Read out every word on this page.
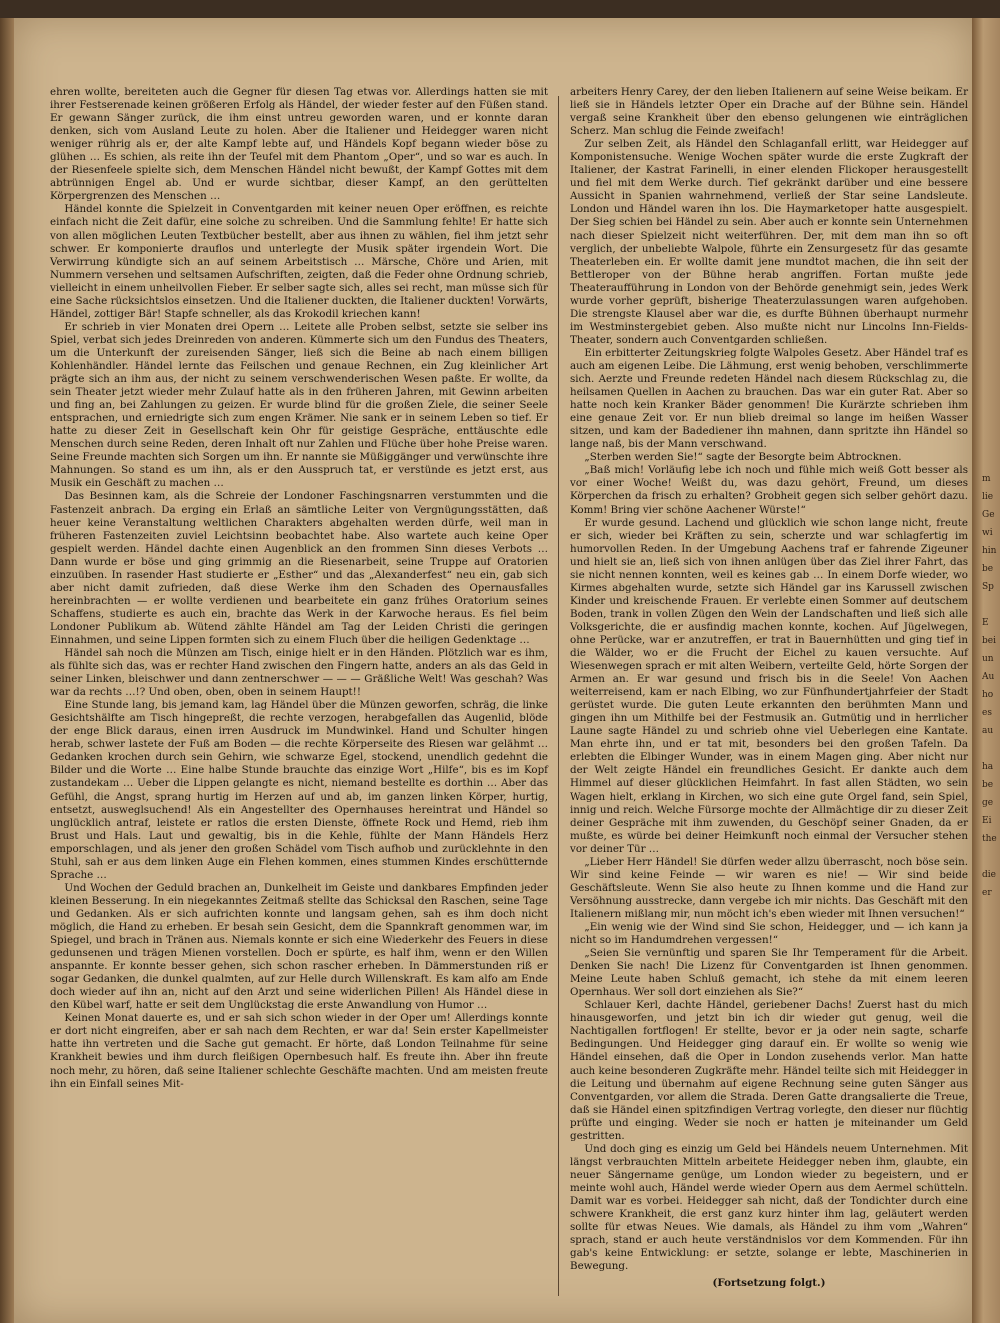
m
lie
Ge
wi
hin
be
Sp

E
bei
un
Au
ho
es
au

ha
be
ge
Ei
the

die
er

ehren wollte, bereiteten auch die Gegner für diesen Tag etwas vor. Allerdings hatten sie mit ihrer Festserenade keinen größeren Erfolg als Händel, der wieder fester auf den Füßen stand. Er gewann Sänger zurück, die ihm einst untreu geworden waren, und er konnte daran denken, sich vom Ausland Leute zu holen. Aber die Italiener und Heidegger waren nicht weniger rührig als er, der alte Kampf lebte auf, und Händels Kopf begann wieder böse zu glühen … Es schien, als reite ihn der Teufel mit dem Phantom „Oper“, und so war es auch. In der Riesenfeele spielte sich, dem Menschen Händel nicht bewußt, der Kampf Gottes mit dem abtrünnigen Engel ab. Und er wurde sichtbar, dieser Kampf, an den gerüttelten Körpergrenzen des Menschen …

Händel konnte die Spielzeit in Conventgarden mit keiner neuen Oper eröffnen, es reichte einfach nicht die Zeit dafür, eine solche zu schreiben. Und die Sammlung fehlte! Er hatte sich von allen möglichen Leuten Textbücher bestellt, aber aus ihnen zu wählen, fiel ihm jetzt sehr schwer. Er komponierte drauflos und unterlegte der Musik später irgendein Wort. Die Verwirrung kündigte sich an auf seinem Arbeitstisch … Märsche, Chöre und Arien, mit Nummern versehen und seltsamen Aufschriften, zeigten, daß die Feder ohne Ordnung schrieb, vielleicht in einem unheilvollen Fieber. Er selber sagte sich, alles sei recht, man müsse sich für eine Sache rücksichtslos einsetzen. Und die Italiener duckten, die Italiener duckten! Vorwärts, Händel, zottiger Bär! Stapfe schneller, als das Krokodil kriechen kann!

Er schrieb in vier Monaten drei Opern … Leitete alle Proben selbst, setzte sie selber ins Spiel, verbat sich jedes Dreinreden von anderen. Kümmerte sich um den Fundus des Theaters, um die Unterkunft der zureisenden Sänger, ließ sich die Beine ab nach einem billigen Kohlenhändler. Händel lernte das Feilschen und genaue Rechnen, ein Zug kleinlicher Art prägte sich an ihm aus, der nicht zu seinem verschwenderischen Wesen paßte. Er wollte, da sein Theater jetzt wieder mehr Zulauf hatte als in den früheren Jahren, mit Gewinn arbeiten und fing an, bei Zahlungen zu geizen. Er wurde blind für die großen Ziele, die seiner Seele entsprachen, und erniedrigte sich zum engen Krämer. Nie sank er in seinem Leben so tief. Er hatte zu dieser Zeit in Gesellschaft kein Ohr für geistige Gespräche, enttäuschte edle Menschen durch seine Reden, deren Inhalt oft nur Zahlen und Flüche über hohe Preise waren. Seine Freunde machten sich Sorgen um ihn. Er nannte sie Müßiggänger und verwünschte ihre Mahnungen. So stand es um ihn, als er den Ausspruch tat, er verstünde es jetzt erst, aus Musik ein Geschäft zu machen …

Das Besinnen kam, als die Schreie der Londoner Faschingsnarren verstummten und die Fastenzeit anbrach. Da erging ein Erlaß an sämtliche Leiter von Vergnügungsstätten, daß heuer keine Veranstaltung weltlichen Charakters abgehalten werden dürfe, weil man in früheren Fastenzeiten zuviel Leichtsinn beobachtet habe. Also wartete auch keine Oper gespielt werden. Händel dachte einen Augenblick an den frommen Sinn dieses Verbots … Dann wurde er böse und ging grimmig an die Riesenarbeit, seine Truppe auf Oratorien einzuüben. In rasender Hast studierte er „Esther“ und das „Alexanderfest“ neu ein, gab sich aber nicht damit zufrieden, daß diese Werke ihm den Schaden des Opernausfalles hereinbrachten — er wollte verdienen und bearbeitete ein ganz frühes Oratorium seines Schaffens, studierte es auch ein, brachte das Werk in der Karwoche heraus. Es fiel beim Londoner Publikum ab. Wütend zählte Händel am Tag der Leiden Christi die geringen Einnahmen, und seine Lippen formten sich zu einem Fluch über die heiligen Gedenktage …

Händel sah noch die Münzen am Tisch, einige hielt er in den Händen. Plötzlich war es ihm, als fühlte sich das, was er rechter Hand zwischen den Fingern hatte, anders an als das Geld in seiner Linken, bleischwer und dann zentnerschwer — — — Gräßliche Welt! Was geschah? Was war da rechts …!? Und oben, oben, oben in seinem Haupt!!

Eine Stunde lang, bis jemand kam, lag Händel über die Münzen geworfen, schräg, die linke Gesichtshälfte am Tisch hingepreßt, die rechte verzogen, herabgefallen das Augenlid, blöde der enge Blick daraus, einen irren Ausdruck im Mundwinkel. Hand und Schulter hingen herab, schwer lastete der Fuß am Boden — die rechte Körperseite des Riesen war gelähmt … Gedanken krochen durch sein Gehirn, wie schwarze Egel, stockend, unendlich gedehnt die Bilder und die Worte … Eine halbe Stunde brauchte das einzige Wort „Hilfe“, bis es im Kopf zustandekam … Ueber die Lippen gelangte es nicht, niemand bestellte es dorthin … Aber das Gefühl, die Angst, sprang hurtig im Herzen auf und ab, im ganzen linken Körper, hurtig, entsetzt, ausweglsuchend! Als ein Angestellter des Opernhauses hereintrat und Händel so unglücklich antraf, leistete er ratlos die ersten Dienste, öffnete Rock und Hemd, rieb ihm Brust und Hals. Laut und gewaltig, bis in die Kehle, fühlte der Mann Händels Herz emporschlagen, und als jener den großen Schädel vom Tisch aufhob und zurücklehnte in den Stuhl, sah er aus dem linken Auge ein Flehen kommen, eines stummen Kindes erschütternde Sprache …

Und Wochen der Geduld brachen an, Dunkelheit im Geiste und dankbares Empfinden jeder kleinen Besserung. In ein niegekanntes Zeitmaß stellte das Schicksal den Raschen, seine Tage und Gedanken. Als er sich aufrichten konnte und langsam gehen, sah es ihm doch nicht möglich, die Hand zu erheben. Er besah sein Gesicht, dem die Spannkraft genommen war, im Spiegel, und brach in Tränen aus. Niemals konnte er sich eine Wiederkehr des Feuers in diese gedunsenen und trägen Mienen vorstellen. Doch er spürte, es half ihm, wenn er den Willen anspannte. Er konnte besser gehen, sich schon rascher erheben. In Dämmerstunden riß er sogar Gedanken, die dunkel qualmten, auf zur Helle durch Willenskraft. Es kam alfo am Ende doch wieder auf ihn an, nicht auf den Arzt und seine widerlichen Pillen! Als Händel diese in den Kübel warf, hatte er seit dem Unglückstag die erste Anwandlung von Humor …

Keinen Monat dauerte es, und er sah sich schon wieder in der Oper um! Allerdings konnte er dort nicht eingreifen, aber er sah nach dem Rechten, er war da! Sein erster Kapellmeister hatte ihn vertreten und die Sache gut gemacht. Er hörte, daß London Teilnahme für seine Krankheit bewies und ihm durch fleißigen Opernbesuch half. Es freute ihn. Aber ihn freute noch mehr, zu hören, daß seine Italiener schlechte Geschäfte machten. Und am meisten freute ihn ein Einfall seines Mit-

arbeiters Henry Carey, der den lieben Italienern auf seine Weise beikam. Er ließ sie in Händels letzter Oper ein Drache auf der Bühne sein. Händel vergaß seine Krankheit über den ebenso gelungenen wie einträglichen Scherz. Man schlug die Feinde zweifach!

Zur selben Zeit, als Händel den Schlaganfall erlitt, war Heidegger auf Komponistensuche. Wenige Wochen später wurde die erste Zugkraft der Italiener, der Kastrat Farinelli, in einer elenden Flickoper herausgestellt und fiel mit dem Werke durch. Tief gekränkt darüber und eine bessere Aussicht in Spanien wahrnehmend, verließ der Star seine Landsleute. London und Händel waren ihn los. Die Haymarketoper hatte ausgespielt. Der Sieg schien bei Händel zu sein. Aber auch er konnte sein Unternehmen nach dieser Spielzeit nicht weiterführen. Der, mit dem man ihn so oft verglich, der unbeliebte Walpole, führte ein Zensurgesetz für das gesamte Theaterleben ein. Er wollte damit jene mundtot machen, die ihn seit der Bettleroper von der Bühne herab angriffen. Fortan mußte jede Theateraufführung in London von der Behörde genehmigt sein, jedes Werk wurde vorher geprüft, bisherige Theaterzulassungen waren aufgehoben. Die strengste Klausel aber war die, es durfte Bühnen überhaupt nurmehr im Westminstergebiet geben. Also mußte nicht nur Lincolns Inn-Fields-Theater, sondern auch Conventgarden schließen.

Ein erbitterter Zeitungskrieg folgte Walpoles Gesetz. Aber Händel traf es auch am eigenen Leibe. Die Lähmung, erst wenig behoben, verschlimmerte sich. Aerzte und Freunde redeten Händel nach diesem Rückschlag zu, die heilsamen Quellen in Aachen zu brauchen. Das war ein guter Rat. Aber so hatte noch kein Kranker Bäder genommen! Die Kurärzte schrieben ihm eine genaue Zeit vor. Er nun blieb dreimal so lange im heißen Wasser sitzen, und kam der Badediener ihn mahnen, dann spritzte ihn Händel so lange naß, bis der Mann verschwand.

„Sterben werden Sie!“ sagte der Besorgte beim Abtrocknen.

„Baß mich! Vorläufig lebe ich noch und fühle mich weiß Gott besser als vor einer Woche! Weißt du, was dazu gehört, Freund, um dieses Körperchen da frisch zu erhalten? Grobheit gegen sich selber gehört dazu. Komm! Bring vier schöne Aachener Würste!“

Er wurde gesund. Lachend und glücklich wie schon lange nicht, freute er sich, wieder bei Kräften zu sein, scherzte und war schlagfertig im humorvollen Reden. In der Umgebung Aachens traf er fahrende Zigeuner und hielt sie an, ließ sich von ihnen anlügen über das Ziel ihrer Fahrt, das sie nicht nennen konnten, weil es keines gab … In einem Dorfe wieder, wo Kirmes abgehalten wurde, setzte sich Händel gar ins Karussell zwischen Kinder und kreischende Frauen. Er verlebte einen Sommer auf deutschem Boden, trank in vollen Zügen den Wein der Landschaften und ließ sich alle Volksgerichte, die er ausfindig machen konnte, kochen. Auf Jügelwegen, ohne Perücke, war er anzutreffen, er trat in Bauernhütten und ging tief in die Wälder, wo er die Frucht der Eichel zu kauen versuchte. Auf Wiesenwegen sprach er mit alten Weibern, verteilte Geld, hörte Sorgen der Armen an. Er war gesund und frisch bis in die Seele! Von Aachen weiterreisend, kam er nach Elbing, wo zur Fünfhundertjahrfeier der Stadt gerüstet wurde. Die guten Leute erkannten den berühmten Mann und gingen ihn um Mithilfe bei der Festmusik an. Gutmütig und in herrlicher Laune sagte Händel zu und schrieb ohne viel Ueberlegen eine Kantate. Man ehrte ihn, und er tat mit, besonders bei den großen Tafeln. Da erlebten die Elbinger Wunder, was in einem Magen ging. Aber nicht nur der Welt zeigte Händel ein freundliches Gesicht. Er dankte auch dem Himmel auf dieser glücklichen Heimfahrt. In fast allen Städten, wo sein Wagen hielt, erklang in Kirchen, wo sich eine gute Orgel fand, sein Spiel, innig und reich. Welche Fürsorge mochte der Allmächtige dir zu dieser Zeit deiner Gespräche mit ihm zuwenden, du Geschöpf seiner Gnaden, da er mußte, es würde bei deiner Heimkunft noch einmal der Versucher stehen vor deiner Tür …

„Lieber Herr Händel! Sie dürfen weder allzu überrascht, noch böse sein. Wir sind keine Feinde — wir waren es nie! — Wir sind beide Geschäftsleute. Wenn Sie also heute zu Ihnen komme und die Hand zur Versöhnung ausstrecke, dann vergebe ich mir nichts. Das Geschäft mit den Italienern mißlang mir, nun möcht ich's eben wieder mit Ihnen versuchen!“

„Ein wenig wie der Wind sind Sie schon, Heidegger, und — ich kann ja nicht so im Handumdrehen vergessen!“

„Seien Sie vernünftig und sparen Sie Ihr Temperament für die Arbeit. Denken Sie nach! Die Lizenz für Conventgarden ist Ihnen genommen. Meine Leute haben Schluß gemacht, ich stehe da mit einem leeren Opernhaus. Wer soll dort einziehen als Sie?“

Schlauer Kerl, dachte Händel, geriebener Dachs! Zuerst hast du mich hinausgeworfen, und jetzt bin ich dir wieder gut genug, weil die Nachtigallen fortflogen! Er stellte, bevor er ja oder nein sagte, scharfe Bedingungen. Und Heidegger ging darauf ein. Er wollte so wenig wie Händel einsehen, daß die Oper in London zusehends verlor. Man hatte auch keine besonderen Zugkräfte mehr. Händel teilte sich mit Heidegger in die Leitung und übernahm auf eigene Rechnung seine guten Sänger aus Conventgarden, vor allem die Strada. Deren Gatte drangsalierte die Treue, daß sie Händel einen spitzfindigen Vertrag vorlegte, den dieser nur flüchtig prüfte und einging. Weder sie noch er hatten je miteinander um Geld gestritten.

Und doch ging es einzig um Geld bei Händels neuem Unternehmen. Mit längst verbrauchten Mitteln arbeitete Heidegger neben ihm, glaubte, ein neuer Sängername genüge, um London wieder zu begeistern, und er meinte wohl auch, Händel werde wieder Opern aus dem Aermel schütteln. Damit war es vorbei. Heidegger sah nicht, daß der Tondichter durch eine schwere Krankheit, die erst ganz kurz hinter ihm lag, geläutert werden sollte für etwas Neues. Wie damals, als Händel zu ihm vom „Wahren“ sprach, stand er auch heute verständnislos vor dem Kommenden. Für ihn gab's keine Entwicklung: er setzte, solange er lebte, Maschinerien in Bewegung.

(Fortsetzung folgt.)
